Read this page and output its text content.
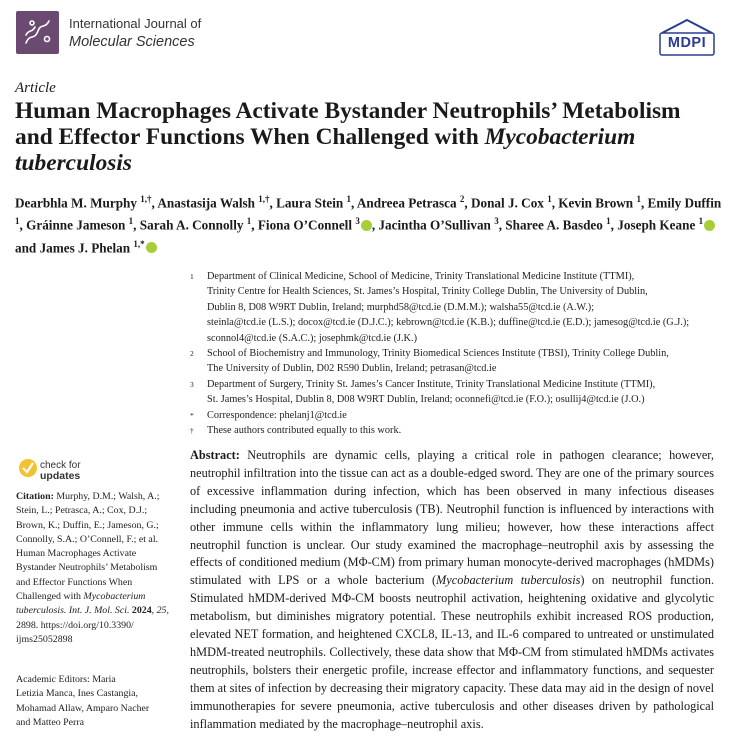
International Journal of
Molecular Sciences	MDPI
Article
Human Macrophages Activate Bystander Neutrophils’ Metabolism and Effector Functions When Challenged with Mycobacterium tuberculosis
Dearbhla M. Murphy $^{1,\dagger}$, Anastasija Walsh $^{1,\dagger}$, Laura Stein $^1$, Andreea Petrasca $^2$, Donal J. Cox $^1$, Kevin Brown $^1$, Emily Duffin $^1$, Gráinne Jameson $^1$, Sarah A. Connolly $^1$, Fiona O’Connell $^3$ , Jacintha O’Sullivan $^3$, Sharee A. Basdeo $^1$, Joseph Keane $^1$ and James J. Phelan $^{1,*}$
1 Department of Clinical Medicine, School of Medicine, Trinity Translational Medicine Institute (TTMI),
Trinity Centre for Health Sciences, St. James’s Hospital, Trinity College Dublin, The University of Dublin,
Dublin 8, D08 W9RT Dublin, Ireland; murphd58@tcd.ie (D.M.M.); walsha55@tcd.ie (A.W.);
steinla@tcd.ie (L.S.); docox@tcd.ie (D.J.C.); kebrown@tcd.ie (K.B.); duffine@tcd.ie (E.D.); jamesog@tcd.ie (G.J.);
sconnol4@tcd.ie (S.A.C.); josephmk@tcd.ie (J.K.)
2 School of Biochemistry and Immunology, Trinity Biomedical Sciences Institute (TBSI), Trinity College Dublin,
The University of Dublin, D02 R590 Dublin, Ireland; petrasan@tcd.ie
3 Department of Surgery, Trinity St. James’s Cancer Institute, Trinity Translational Medicine Institute (TTMI),
St. James’s Hospital, Dublin 8, D08 W9RT Dublin, Ireland; oconnefi@tcd.ie (F.O.); osullij4@tcd.ie (J.O.)
* Correspondence: phelanj1@tcd.ie
† These authors contributed equally to this work.
check for
updates
Citation: Murphy, D.M.; Walsh, A.;
Stein, L.; Petrasca, A.; Cox, D.J.;
Brown, K.; Duffin, E.; Jameson, G.;
Connolly, S.A.; O’Connell, F.; et al.
Human Macrophages Activate
Bystander Neutrophils’ Metabolism
and Effector Functions When
Challenged with Mycobacterium
tuberculosis. Int. J. Mol. Sci. 2024, 25,
2898. https://doi.org/10.3390/
ijms25052898
Academic Editors: Maria
Letizia Manca, Ines Castangia,
Mohamad Allaw, Amparo Nacher
and Matteo Perra
Abstract: Neutrophils are dynamic cells, playing a critical role in pathogen clearance; however, neutrophil infiltration into the tissue can act as a double-edged sword. They are one of the primary sources of excessive inflammation during infection, which has been observed in many infectious diseases including pneumonia and active tuberculosis (TB). Neutrophil function is influenced by interactions with other immune cells within the inflammatory lung milieu; however, how these interactions affect neutrophil function is unclear. Our study examined the macrophage–neutrophil axis by assessing the effects of conditioned medium (MΦ-CM) from primary human monocyte-derived macrophages (hMDMs) stimulated with LPS or a whole bacterium (Mycobacterium tuberculosis) on neutrophil function. Stimulated hMDM-derived MΦ-CM boosts neutrophil activation, heightening oxidative and glycolytic metabolism, but diminishes migratory potential. These neutrophils exhibit increased ROS production, elevated NET formation, and heightened CXCL8, IL-13, and IL-6 compared to untreated or unstimulated hMDM-treated neutrophils. Collectively, these data show that MΦ-CM from stimulated hMDMs activates neutrophils, bolsters their energetic profile, increase effector and inflammatory functions, and sequester them at sites of infection by decreasing their migratory capacity. These data may aid in the design of novel immunotherapies for severe pneumonia, active tuberculosis and other diseases driven by pathological inflammation mediated by the macrophage–neutrophil axis.
